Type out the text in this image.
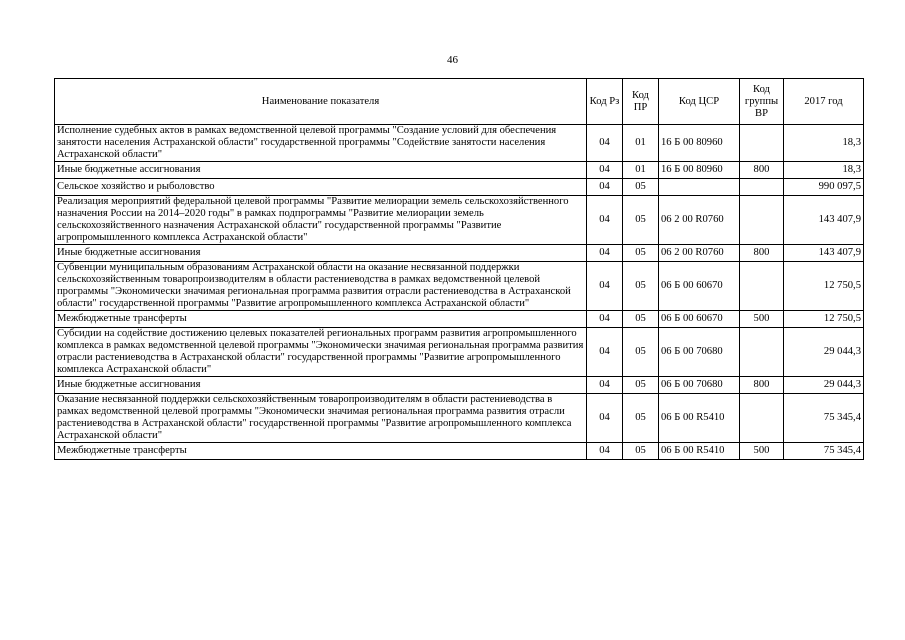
46
Наименование показателя	Код Рз	Код ПР	Код ЦСР	Код группы ВР	2017 год
Исполнение судебных актов в рамках ведомственной целевой программы "Создание условий для обеспечения занятости населения Астраханской области" государственной программы "Содействие занятости населения Астраханской области"	04	01	16 Б 00 80960		18,3
Иные бюджетные ассигнования	04	01	16 Б 00 80960	800	18,3
Сельское хозяйство и рыболовство	04	05			990 097,5
Реализация мероприятий федеральной целевой программы "Развитие мелиорации земель сельскохозяйственного назначения России на 2014–2020 годы" в рамках подпрограммы "Развитие мелиорации земель сельскохозяйственного назначения Астраханской области" государственной программы "Развитие агропромышленного комплекса Астраханской области"	04	05	06 2 00 R0760		143 407,9
Иные бюджетные ассигнования	04	05	06 2 00 R0760	800	143 407,9
Субвенции муниципальным образованиям Астраханской области на оказание несвязанной поддержки сельскохозяйственным товаропроизводителям в области растениеводства в рамках ведомственной целевой программы "Экономически значимая региональная программа развития отрасли растениеводства в Астраханской области" государственной программы "Развитие агропромышленного комплекса Астраханской области"	04	05	06 Б 00 60670		12 750,5
Межбюджетные трансферты	04	05	06 Б 00 60670	500	12 750,5
Субсидии на содействие достижению целевых показателей региональных программ развития агропромышленного комплекса в рамках ведомственной целевой программы "Экономически значимая региональная программа развития отрасли растениеводства в Астраханской области" государственной программы "Развитие агропромышленного комплекса Астраханской области"	04	05	06 Б 00 70680		29 044,3
Иные бюджетные ассигнования	04	05	06 Б 00 70680	800	29 044,3
Оказание несвязанной поддержки сельскохозяйственным товаропроизводителям в области растениеводства в рамках ведомственной целевой программы "Экономически значимая региональная программа развития отрасли растениеводства в Астраханской области" государственной программы "Развитие агропромышленного комплекса Астраханской области"	04	05	06 Б 00 R5410		75 345,4
Межбюджетные трансферты	04	05	06 Б 00 R5410	500	75 345,4
